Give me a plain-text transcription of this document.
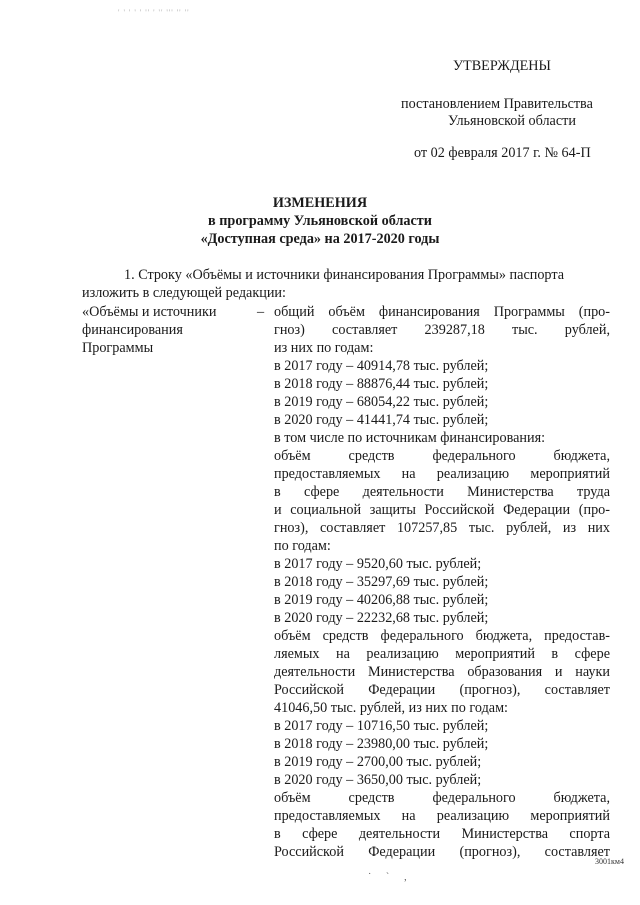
' ' ' ' ' '' ' '' ''' '' ''
УТВЕРЖДЕНЫ
постановлением Правительства
Ульяновской области
от 02 февраля 2017 г. № 64-П
ИЗМЕНЕНИЯ
в программу Ульяновской области
«Доступная среда» на 2017-2020 годы
1. Строку «Объёмы и источники финансирования Программы» паспорта
изложить в следующей редакции:
«Объёмы и источники	–
финансирования
Программы
общий объём финансирования Программы (про-
гноз) составляет 239287,18 тыс. рублей,
из них по годам:
в 2017 году – 40914,78 тыс. рублей;
в 2018 году – 88876,44 тыс. рублей;
в 2019 году – 68054,22 тыс. рублей;
в 2020 году – 41441,74 тыс. рублей;
в том числе по источникам финансирования:
объём средств федерального бюджета,
предоставляемых на реализацию мероприятий
в сфере деятельности Министерства труда
и социальной защиты Российской Федерации (про-
гноз), составляет 107257,85 тыс. рублей, из них
по годам:
в 2017 году – 9520,60 тыс. рублей;
в 2018 году – 35297,69 тыс. рублей;
в 2019 году – 40206,88 тыс. рублей;
в 2020 году – 22232,68 тыс. рублей;
объём средств федерального бюджета, предостав-
ляемых на реализацию мероприятий в сфере
деятельности Министерства образования и науки
Российской Федерации (прогноз), составляет
41046,50 тыс. рублей, из них по годам:
в 2017 году – 10716,50 тыс. рублей;
в 2018 году – 23980,00 тыс. рублей;
в 2019 году – 2700,00 тыс. рублей;
в 2020 году – 3650,00 тыс. рублей;
объём средств федерального бюджета,
предоставляемых на реализацию мероприятий
в сфере деятельности Министерства спорта
Российской Федерации (прогноз), составляет
3001км4
˙ ` ‚
